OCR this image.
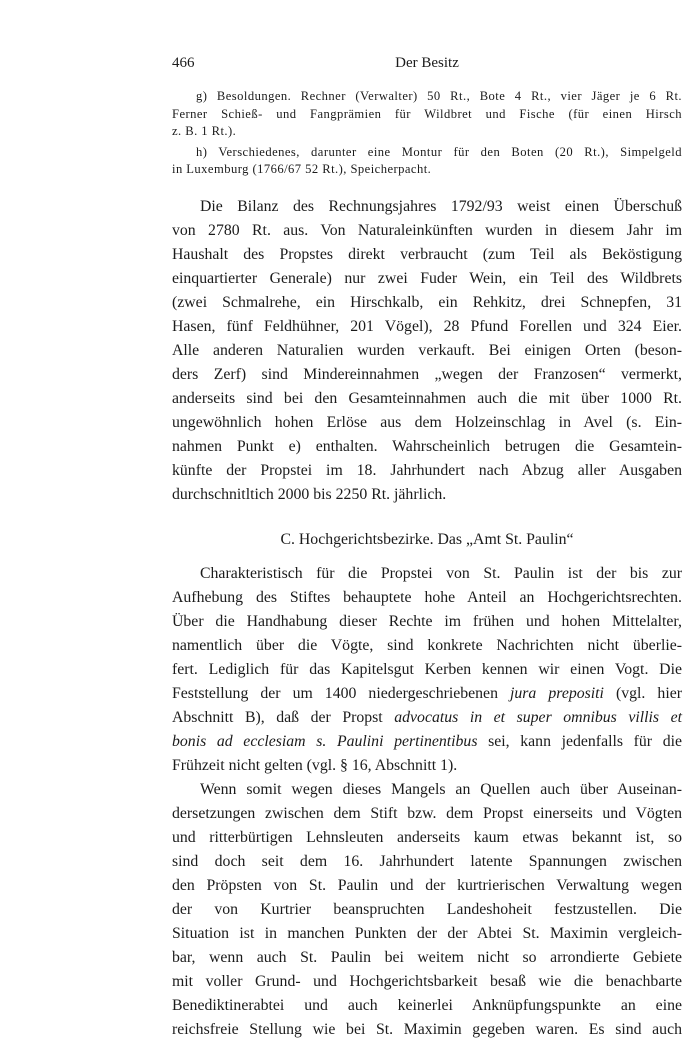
466	Der Besitz
g) Besoldungen. Rechner (Verwalter) 50 Rt., Bote 4 Rt., vier Jäger je 6 Rt.
Ferner Schieß- und Fangprämien für Wildbret und Fische (für einen Hirsch
z. B. 1 Rt.).
h) Verschiedenes, darunter eine Montur für den Boten (20 Rt.), Simpelgeld
in Luxemburg (1766/67 52 Rt.), Speicherpacht.
Die Bilanz des Rechnungsjahres 1792/93 weist einen Überschuß
von 2780 Rt. aus. Von Naturaleinkünften wurden in diesem Jahr im
Haushalt des Propstes direkt verbraucht (zum Teil als Beköstigung
einquartierter Generale) nur zwei Fuder Wein, ein Teil des Wildbrets
(zwei Schmalrehe, ein Hirschkalb, ein Rehkitz, drei Schnepfen, 31
Hasen, fünf Feldhühner, 201 Vögel), 28 Pfund Forellen und 324 Eier.
Alle anderen Naturalien wurden verkauft. Bei einigen Orten (beson-
ders Zerf) sind Mindereinnahmen „wegen der Franzosen“ vermerkt,
anderseits sind bei den Gesamteinnahmen auch die mit über 1000 Rt.
ungewöhnlich hohen Erlöse aus dem Holzeinschlag in Avel (s. Ein-
nahmen Punkt e) enthalten. Wahrscheinlich betrugen die Gesamtein-
künfte der Propstei im 18. Jahrhundert nach Abzug aller Ausgaben
durchschnitltich 2000 bis 2250 Rt. jährlich.
C. Hochgerichtsbezirke. Das „Amt St. Paulin“
Charakteristisch für die Propstei von St. Paulin ist der bis zur
Aufhebung des Stiftes behauptete hohe Anteil an Hochgerichtsrechten.
Über die Handhabung dieser Rechte im frühen und hohen Mittelalter,
namentlich über die Vögte, sind konkrete Nachrichten nicht überlie-
fert. Lediglich für das Kapitelsgut Kerben kennen wir einen Vogt. Die
Feststellung der um 1400 niedergeschriebenen jura prepositi (vgl. hier
Abschnitt B), daß der Propst advocatus in et super omnibus villis et
bonis ad ecclesiam s. Paulini pertinentibus sei, kann jedenfalls für die
Frühzeit nicht gelten (vgl. § 16, Abschnitt 1).
Wenn somit wegen dieses Mangels an Quellen auch über Auseinan-
dersetzungen zwischen dem Stift bzw. dem Propst einerseits und Vögten
und ritterbürtigen Lehnsleuten anderseits kaum etwas bekannt ist, so
sind doch seit dem 16. Jahrhundert latente Spannungen zwischen
den Pröpsten von St. Paulin und der kurtrierischen Verwaltung wegen
der von Kurtrier beanspruchten Landeshoheit festzustellen. Die
Situation ist in manchen Punkten der der Abtei St. Maximin vergleich-
bar, wenn auch St. Paulin bei weitem nicht so arrondierte Gebiete
mit voller Grund- und Hochgerichtsbarkeit besaß wie die benachbarte
Benediktinerabtei und auch keinerlei Anknüpfungspunkte an eine
reichsfreie Stellung wie bei St. Maximin gegeben waren. Es sind auch
